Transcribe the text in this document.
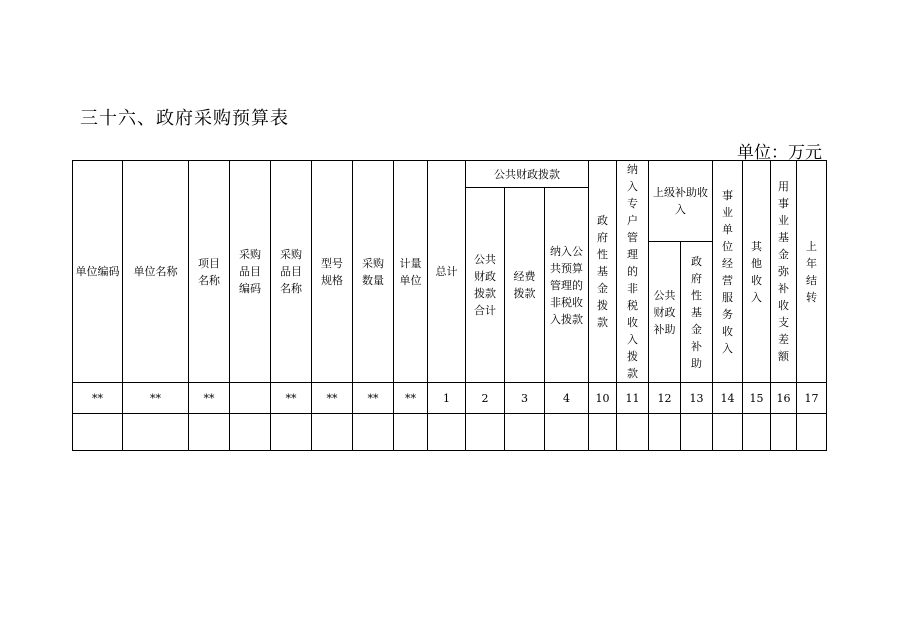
三十六、政府采购预算表
单位：万元
单位编码	单位名称	项目名称	采购品目编码	采购品目名称	型号规格	采购数量	计量单位	总计	公共财政拨款			政府性基金拨款	纳入专户管理的非税收入拨款	上级补助收入		事业单位经营服务收入	其他收入	用事业基金弥补收支差额	上年结转

									公共财政拨款合计	经费拨款	纳入公共预算管理的非税收入拨款								

														公共财政补助	政府性基金补助				

**	**	**		**	**	**	**	1	2	3	4	10	11	12	13	14	15	16	17
